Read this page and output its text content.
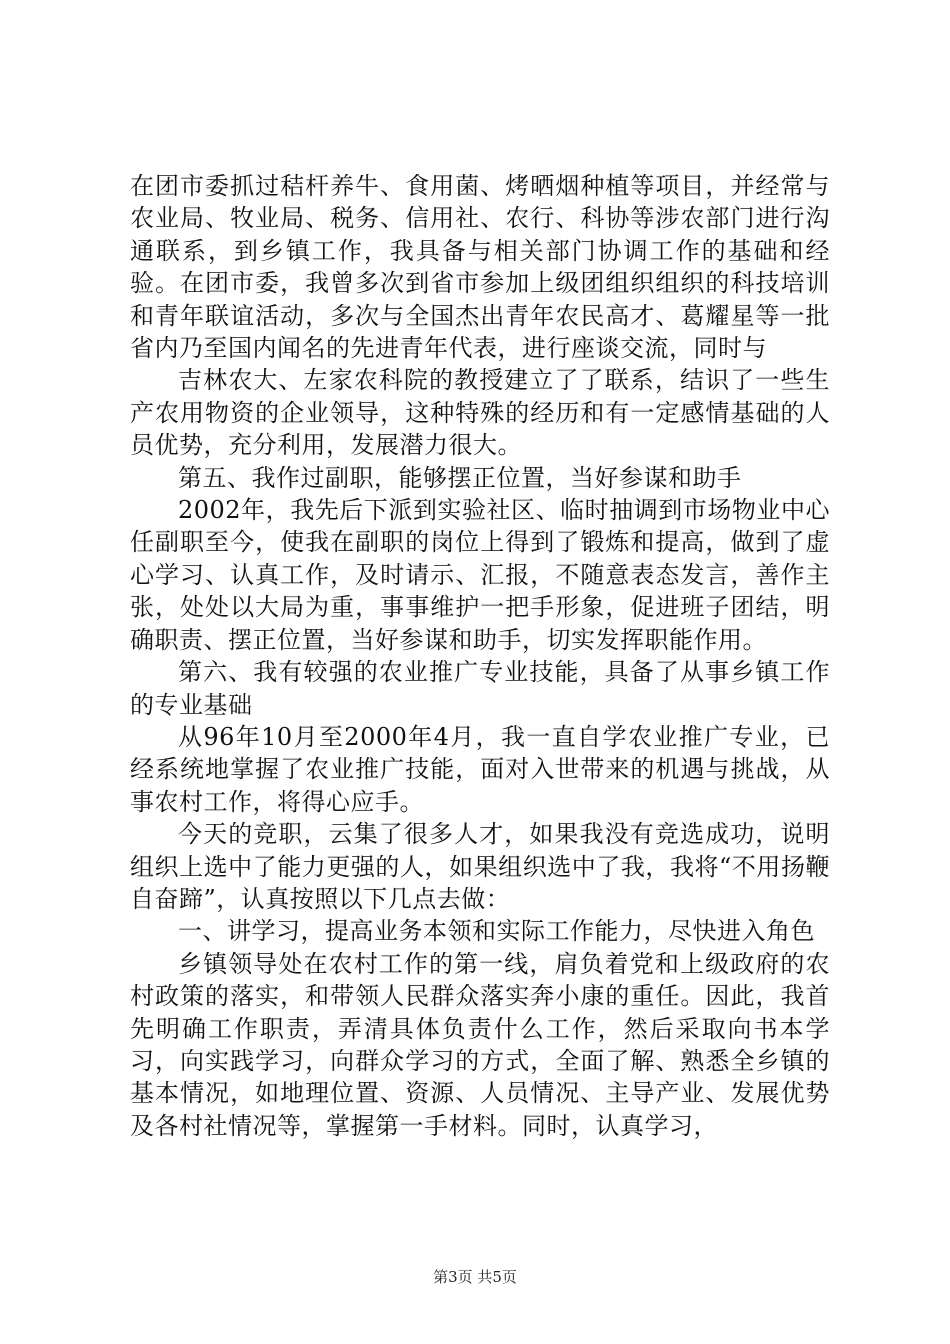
在团市委抓过秸杆养牛、食用菌、烤晒烟种植等项目，并经常与农业局、牧业局、税务、信用社、农行、科协等涉农部门进行沟通联系，到乡镇工作，我具备与相关部门协调工作的基础和经验。在团市委，我曾多次到省市参加上级团组织组织的科技培训和青年联谊活动，多次与全国杰出青年农民高才、葛耀星等一批省内乃至国内闻名的先进青年代表，进行座谈交流，同时与

吉林农大、左家农科院的教授建立了了联系，结识了一些生产农用物资的企业领导，这种特殊的经历和有一定感情基础的人员优势，充分利用，发展潜力很大。

第五、我作过副职，能够摆正位置，当好参谋和助手

2002年，我先后下派到实验社区、临时抽调到市场物业中心任副职至今，使我在副职的岗位上得到了锻炼和提高，做到了虚心学习、认真工作，及时请示、汇报，不随意表态发言，善作主张，处处以大局为重，事事维护一把手形象，促进班子团结，明确职责、摆正位置，当好参谋和助手，切实发挥职能作用。

第六、我有较强的农业推广专业技能，具备了从事乡镇工作的专业基础

从96年10月至2000年4月，我一直自学农业推广专业，已经系统地掌握了农业推广技能，面对入世带来的机遇与挑战，从事农村工作，将得心应手。

今天的竞职，云集了很多人才，如果我没有竞选成功，说明组织上选中了能力更强的人，如果组织选中了我，我将“不用扬鞭自奋蹄”，认真按照以下几点去做：

一、讲学习，提高业务本领和实际工作能力，尽快进入角色

乡镇领导处在农村工作的第一线，肩负着党和上级政府的农村政策的落实，和带领人民群众落实奔小康的重任。因此，我首先明确工作职责，弄清具体负责什么工作，然后采取向书本学习，向实践学习，向群众学习的方式，全面了解、熟悉全乡镇的基本情况，如地理位置、资源、人员情况、主导产业、发展优势及各村社情况等，掌握第一手材料。同时，认真学习，

第3页 共5页
